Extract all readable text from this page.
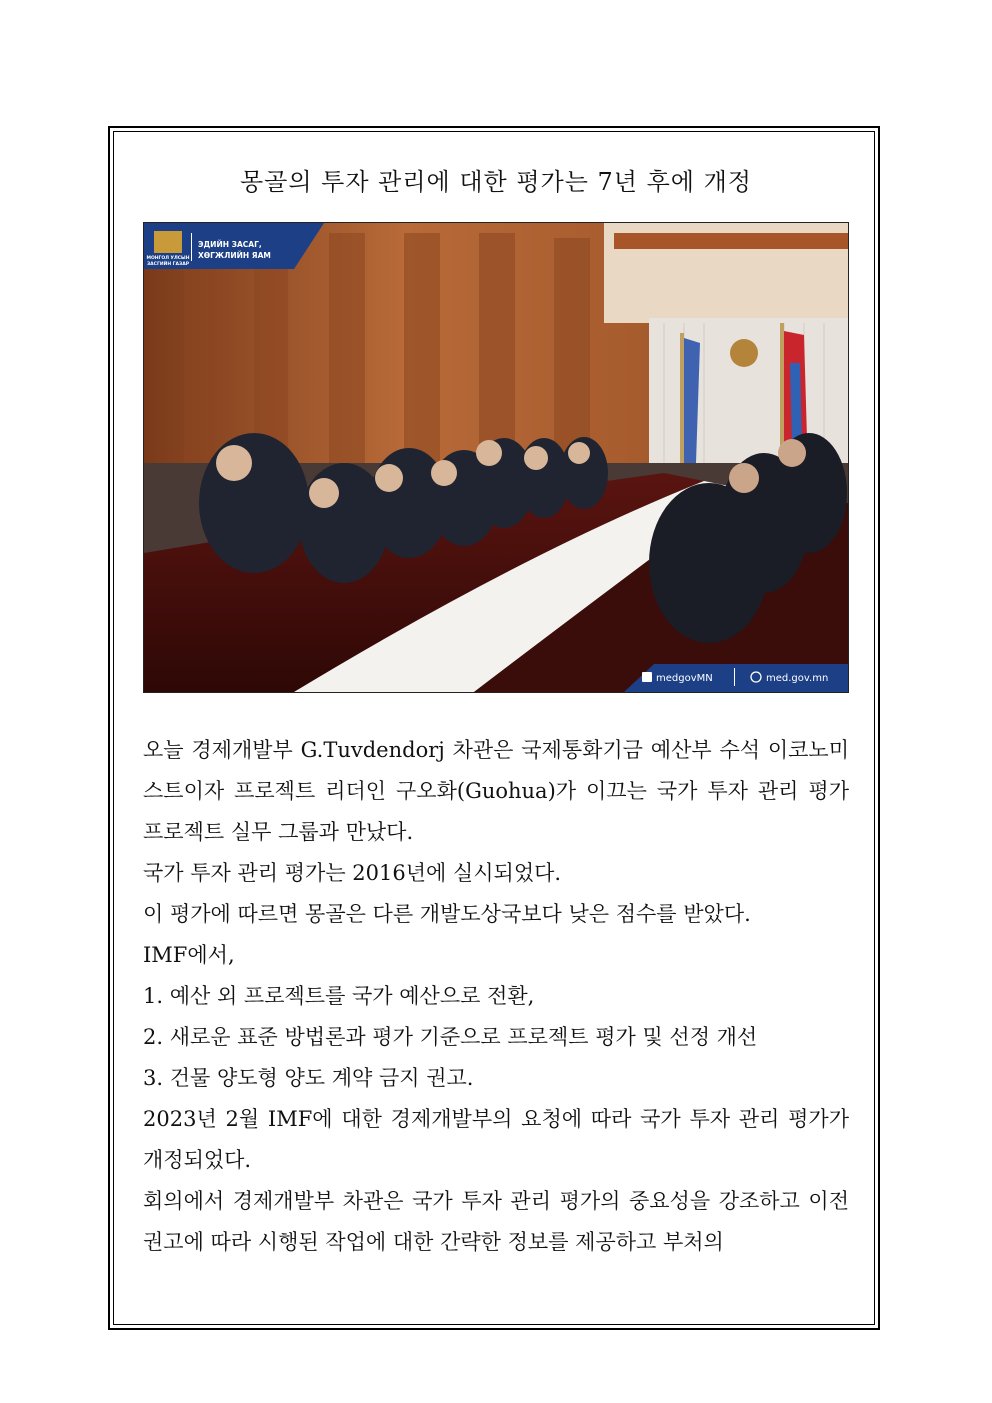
몽골의 투자 관리에 대한 평가는 7년 후에 개정
МОНГОЛ УЛСЫН
ЗАСГИЙН ГАЗАР
ЭДИЙН ЗАСАГ,
ХӨГЖЛИЙН ЯАМ
medgovMN	med.gov.mn

오늘 경제개발부 G.Tuvdendorj 차관은 국제통화기금 예산부 수석 이코노미스트이자 프로젝트 리더인 구오화(Guohua)가 이끄는 국가 투자 관리 평가 프로젝트 실무 그룹과 만났다.

국가 투자 관리 평가는 2016년에 실시되었다.

이 평가에 따르면 몽골은 다른 개발도상국보다 낮은 점수를 받았다.

IMF에서,

1. 예산 외 프로젝트를 국가 예산으로 전환,

2. 새로운 표준 방법론과 평가 기준으로 프로젝트 평가 및 선정 개선

3. 건물 양도형 양도 계약 금지 권고.

2023년 2월 IMF에 대한 경제개발부의 요청에 따라 국가 투자 관리 평가가 개정되었다.

회의에서 경제개발부 차관은 국가 투자 관리 평가의 중요성을 강조하고 이전 권고에 따라 시행된 작업에 대한 간략한 정보를 제공하고 부처의
